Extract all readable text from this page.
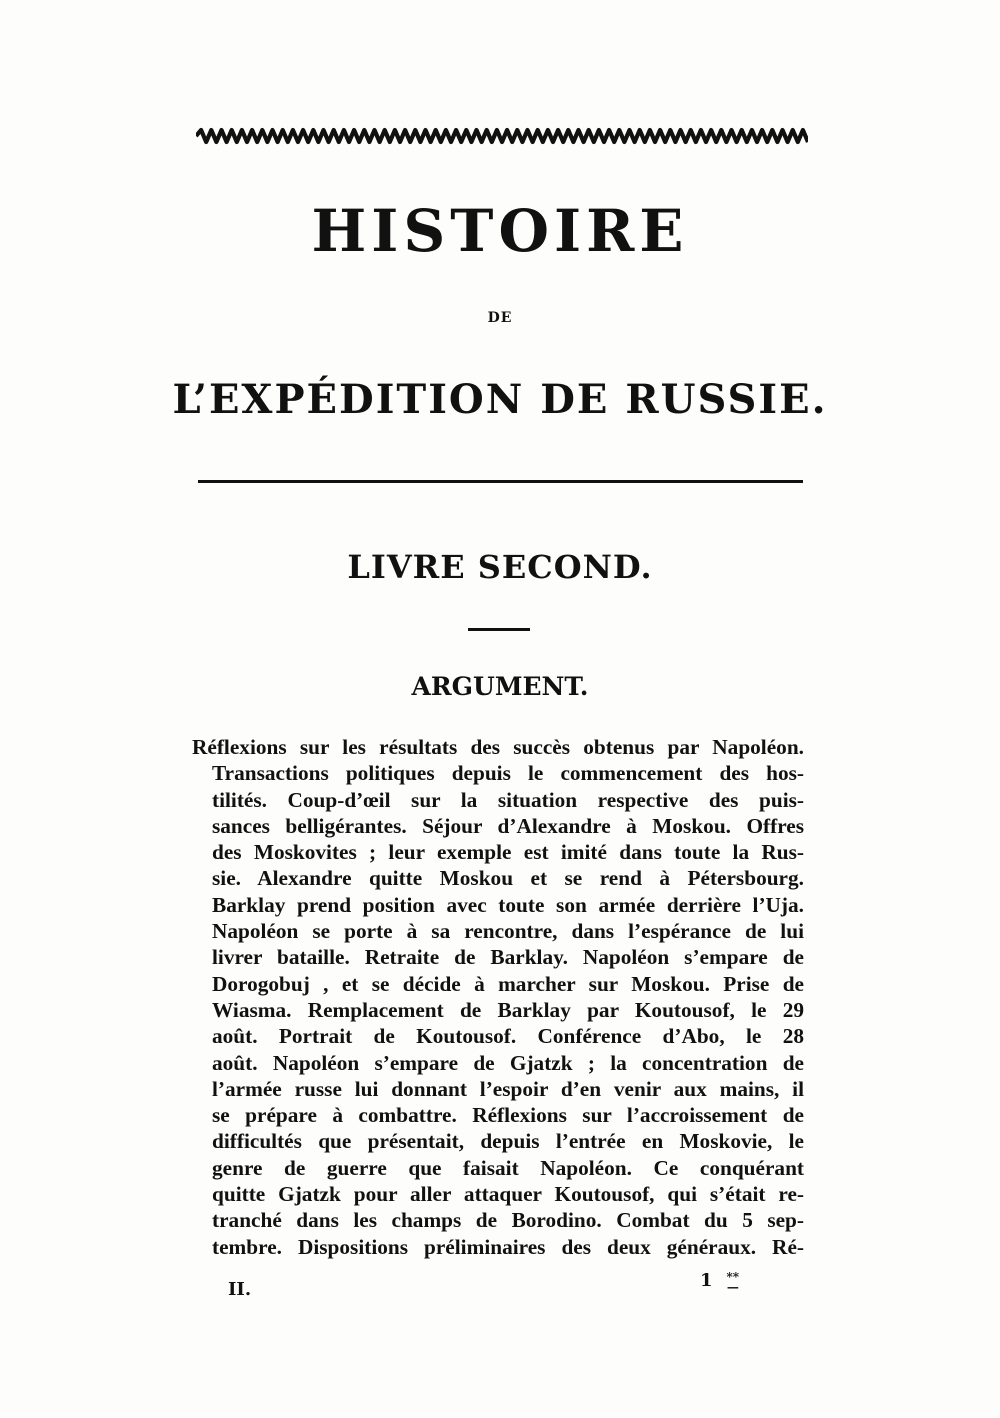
HISTOIRE
DE
L’EXPÉDITION DE RUSSIE.
LIVRE SECOND.
ARGUMENT.
Réflexions sur les résultats des succès obtenus par Napoléon.
Transactions politiques depuis le commencement des hos-
tilités. Coup-d’œil sur la situation respective des puis-
sances belligérantes. Séjour d’Alexandre à Moskou. Offres
des Moskovites ; leur exemple est imité dans toute la Rus-
sie. Alexandre quitte Moskou et se rend à Pétersbourg.
Barklay prend position avec toute son armée derrière l’Uja.
Napoléon se porte à sa rencontre, dans l’espérance de lui
livrer bataille. Retraite de Barklay. Napoléon s’empare de
Dorogobuj , et se décide à marcher sur Moskou. Prise de
Wiasma. Remplacement de Barklay par Koutousof, le 29
août. Portrait de Koutousof. Conférence d’Abo, le 28
août. Napoléon s’empare de Gjatzk ; la concentration de
l’armée russe lui donnant l’espoir d’en venir aux mains, il
se prépare à combattre. Réflexions sur l’accroissement de
difficultés que présentait, depuis l’entrée en Moskovie, le
genre de guerre que faisait Napoléon. Ce conquérant
quitte Gjatzk pour aller attaquer Koutousof, qui s’était re-
tranché dans les champs de Borodino. Combat du 5 sep-
tembre. Dispositions préliminaires des deux généraux. Ré-
II.	1 **
—
